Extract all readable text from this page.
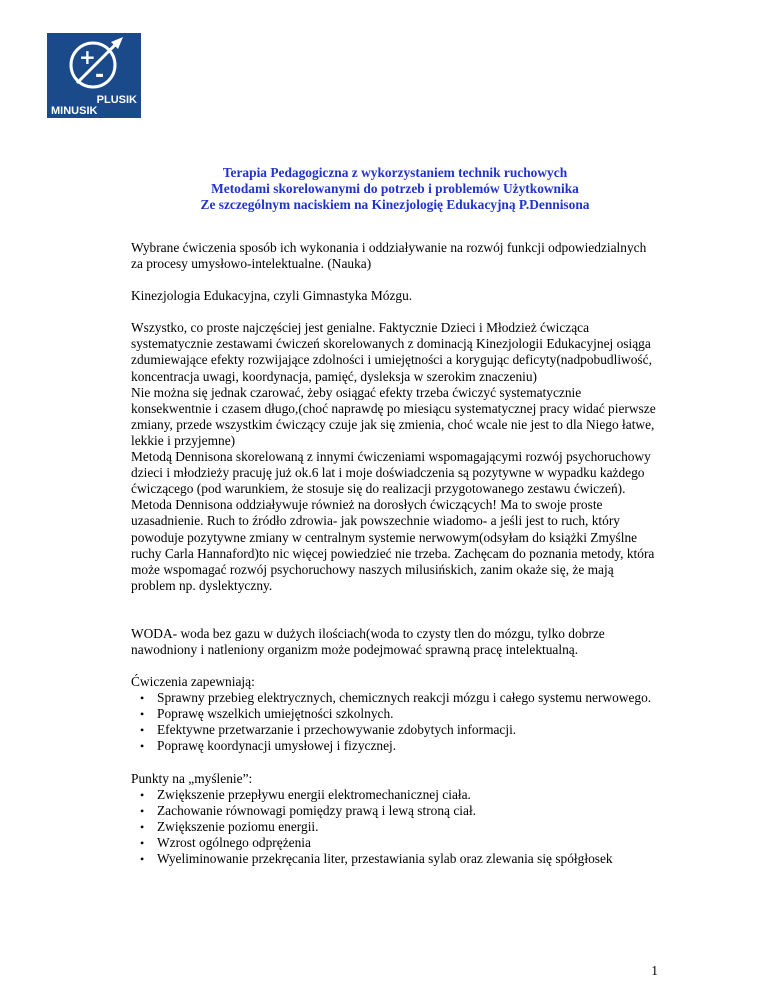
+
-
PLUSIK
MINUSIK
Terapia Pedagogiczna z wykorzystaniem technik ruchowych
Metodami skorelowanymi do potrzeb i problemów Użytkownika
Ze szczególnym naciskiem na Kinezjologię Edukacyjną P.Dennisona

Wybrane ćwiczenia sposób ich wykonania i oddziaływanie na rozwój funkcji odpowiedzialnych za procesy umysłowo-intelektualne. (Nauka)

Kinezjologia Edukacyjna, czyli Gimnastyka Mózgu.

Wszystko, co proste najczęściej jest genialne. Faktycznie Dzieci i Młodzież ćwicząca systematycznie zestawami ćwiczeń skorelowanych z dominacją Kinezjologii Edukacyjnej osiąga zdumiewające efekty rozwijające zdolności i umiejętności a korygując deficyty(nadpobudliwość, koncentracja uwagi, koordynacja, pamięć, dysleksja w szerokim znaczeniu)

Nie można się jednak czarować, żeby osiągać efekty trzeba ćwiczyć systematycznie konsekwentnie i czasem długo,(choć naprawdę po miesiącu systematycznej pracy widać pierwsze zmiany, przede wszystkim ćwiczący czuje jak się zmienia, choć wcale nie jest to dla Niego łatwe, lekkie i przyjemne)

Metodą Dennisona skorelowaną z innymi ćwiczeniami wspomagającymi rozwój psychoruchowy dzieci i młodzieży pracuję już ok.6 lat i moje doświadczenia są pozytywne w wypadku każdego ćwiczącego (pod warunkiem, że stosuje się do realizacji przygotowanego zestawu ćwiczeń). Metoda Dennisona oddziaływuje również na dorosłych ćwiczących! Ma to swoje proste uzasadnienie. Ruch to źródło zdrowia- jak powszechnie wiadomo- a jeśli jest to ruch, który powoduje pozytywne zmiany w centralnym systemie nerwowym(odsyłam do książki Zmyślne ruchy Carla Hannaford)to nic więcej powiedzieć nie trzeba. Zachęcam do poznania metody, która może wspomagać rozwój psychoruchowy naszych milusińskich, zanim okaże się, że mają problem np. dyslektyczny.

WODA- woda bez gazu w dużych ilościach(woda to czysty tlen do mózgu, tylko dobrze nawodniony i natleniony organizm może podejmować sprawną pracę intelektualną.

Ćwiczenia zapewniają:

• Sprawny przebieg elektrycznych, chemicznych reakcji mózgu i całego systemu nerwowego.
• Poprawę wszelkich umiejętności szkolnych.
• Efektywne przetwarzanie i przechowywanie zdobytych informacji.
• Poprawę koordynacji umysłowej i fizycznej.

Punkty na „myślenie”:

• Zwiększenie przepływu energii elektromechanicznej ciała.
• Zachowanie równowagi pomiędzy prawą i lewą stroną ciał.
• Zwiększenie poziomu energii.
• Wzrost ogólnego odprężenia
• Wyeliminowanie przekręcania liter, przestawiania sylab oraz zlewania się spółgłosek
1
